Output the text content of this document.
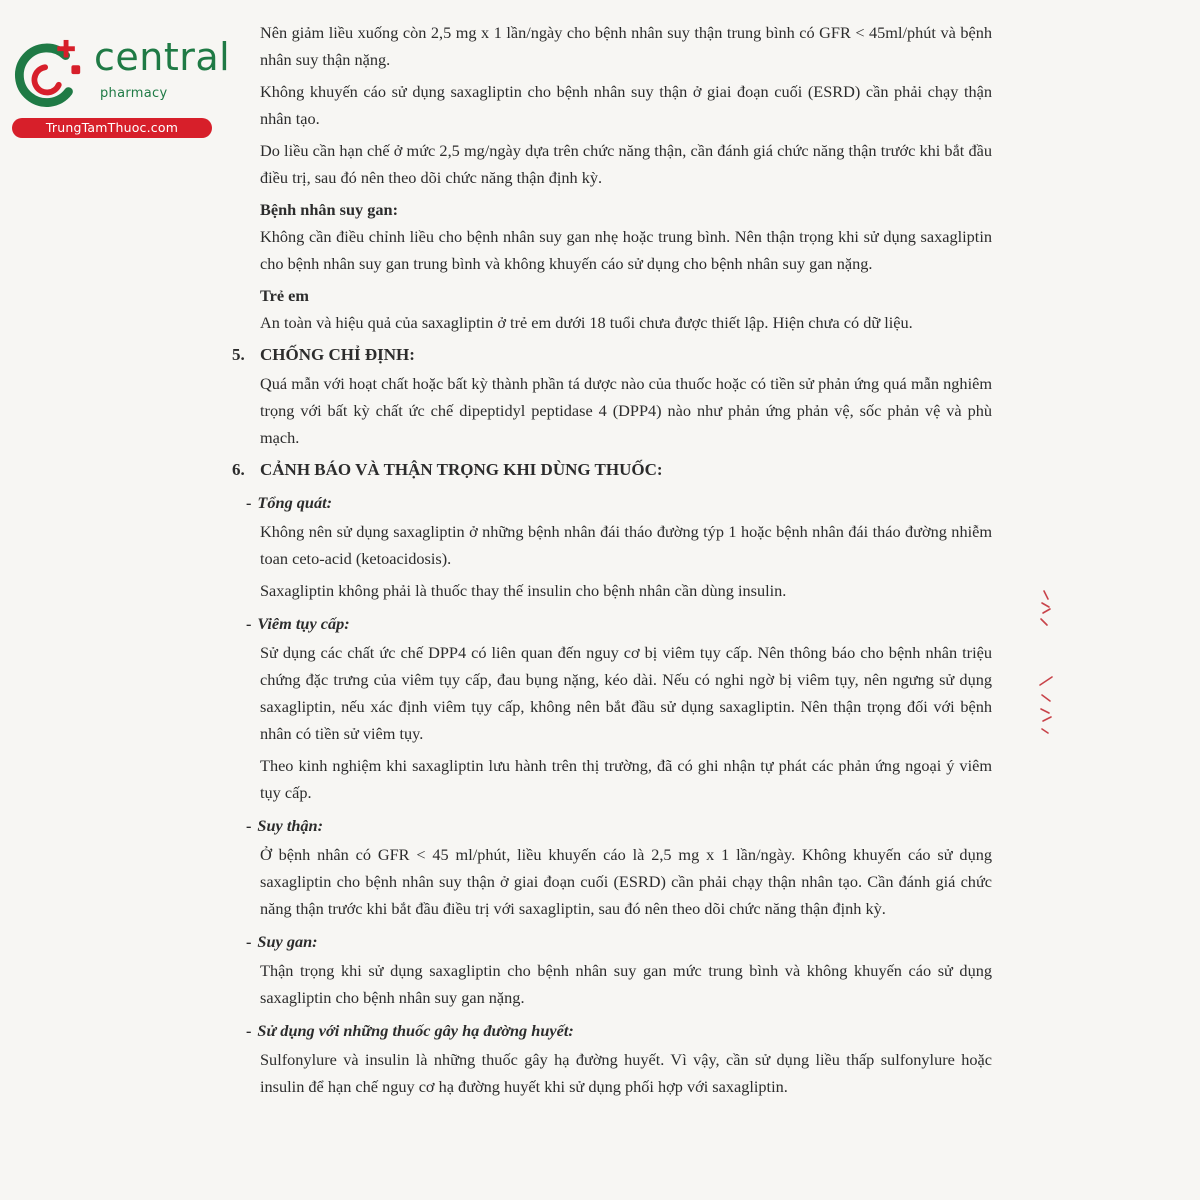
central
pharmacy
TrungTamThuoc.com

Nên giảm liều xuống còn 2,5 mg x 1 lần/ngày cho bệnh nhân suy thận trung bình có GFR < 45ml/phút và bệnh nhân suy thận nặng.

Không khuyến cáo sử dụng saxagliptin cho bệnh nhân suy thận ở giai đoạn cuối (ESRD) cần phải chạy thận nhân tạo.

Do liều cần hạn chế ở mức 2,5 mg/ngày dựa trên chức năng thận, cần đánh giá chức năng thận trước khi bắt đầu điều trị, sau đó nên theo dõi chức năng thận định kỳ.

Bệnh nhân suy gan:

Không cần điều chỉnh liều cho bệnh nhân suy gan nhẹ hoặc trung bình. Nên thận trọng khi sử dụng saxagliptin cho bệnh nhân suy gan trung bình và không khuyến cáo sử dụng cho bệnh nhân suy gan nặng.

Trẻ em

An toàn và hiệu quả của saxagliptin ở trẻ em dưới 18 tuổi chưa được thiết lập. Hiện chưa có dữ liệu.

5. CHỐNG CHỈ ĐỊNH:

Quá mẫn với hoạt chất hoặc bất kỳ thành phần tá dược nào của thuốc hoặc có tiền sử phản ứng quá mẫn nghiêm trọng với bất kỳ chất ức chế dipeptidyl peptidase 4 (DPP4) nào như phản ứng phản vệ, sốc phản vệ và phù mạch.

6. CẢNH BÁO VÀ THẬN TRỌNG KHI DÙNG THUỐC:
- Tổng quát:

Không nên sử dụng saxagliptin ở những bệnh nhân đái tháo đường týp 1 hoặc bệnh nhân đái tháo đường nhiễm toan ceto-acid (ketoacidosis).

Saxagliptin không phải là thuốc thay thế insulin cho bệnh nhân cần dùng insulin.

- Viêm tụy cấp:

Sử dụng các chất ức chế DPP4 có liên quan đến nguy cơ bị viêm tụy cấp. Nên thông báo cho bệnh nhân triệu chứng đặc trưng của viêm tụy cấp, đau bụng nặng, kéo dài. Nếu có nghi ngờ bị viêm tụy, nên ngưng sử dụng saxagliptin, nếu xác định viêm tụy cấp, không nên bắt đầu sử dụng saxagliptin. Nên thận trọng đối với bệnh nhân có tiền sử viêm tụy.

Theo kinh nghiệm khi saxagliptin lưu hành trên thị trường, đã có ghi nhận tự phát các phản ứng ngoại ý viêm tụy cấp.

- Suy thận:

Ở bệnh nhân có GFR < 45 ml/phút, liều khuyến cáo là 2,5 mg x 1 lần/ngày. Không khuyến cáo sử dụng saxagliptin cho bệnh nhân suy thận ở giai đoạn cuối (ESRD) cần phải chạy thận nhân tạo. Cần đánh giá chức năng thận trước khi bắt đầu điều trị với saxagliptin, sau đó nên theo dõi chức năng thận định kỳ.

- Suy gan:

Thận trọng khi sử dụng saxagliptin cho bệnh nhân suy gan mức trung bình và không khuyến cáo sử dụng saxagliptin cho bệnh nhân suy gan nặng.

- Sử dụng với những thuốc gây hạ đường huyết:

Sulfonylure và insulin là những thuốc gây hạ đường huyết. Vì vậy, cần sử dụng liều thấp sulfonylure hoặc insulin để hạn chế nguy cơ hạ đường huyết khi sử dụng phối hợp với saxagliptin.
